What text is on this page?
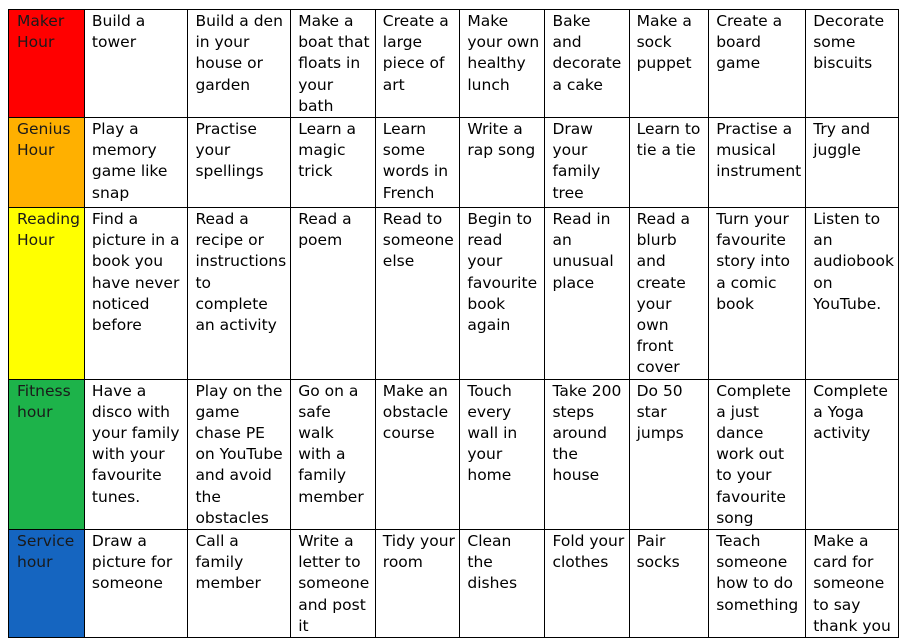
Maker Hour	Build a tower	Build a den in your house or garden	Make a boat that floats in your bath	Create a large piece of art	Make your own healthy lunch	Bake and decorate a cake	Make a sock puppet	Create a board game	Decorate some biscuits
Genius Hour	Play a memory game like snap	Practise your spellings	Learn a magic trick	Learn some words in French	Write a rap song	Draw your family tree	Learn to tie a tie	Practise a musical instrument	Try and juggle
Reading Hour	Find a picture in a book you have never noticed before	Read a recipe or instructions to complete an activity	Read a poem	Read to someone else	Begin to read your favourite book again	Read in an unusual place	Read a blurb and create your own front cover	Turn your favourite story into a comic book	Listen to an audiobook on YouTube.
Fitness hour	Have a disco with your family with your favourite tunes.	Play on the game chase PE on YouTube and avoid the obstacles	Go on a safe walk with a family member	Make an obstacle course	Touch every wall in your home	Take 200 steps around the house	Do 50 star jumps	Complete a just dance work out to your favourite song	Complete a Yoga activity
Service hour	Draw a picture for someone	Call a family member	Write a letter to someone and post it	Tidy your room	Clean the dishes	Fold your clothes	Pair socks	Teach someone how to do something	Make a card for someone to say thank you
